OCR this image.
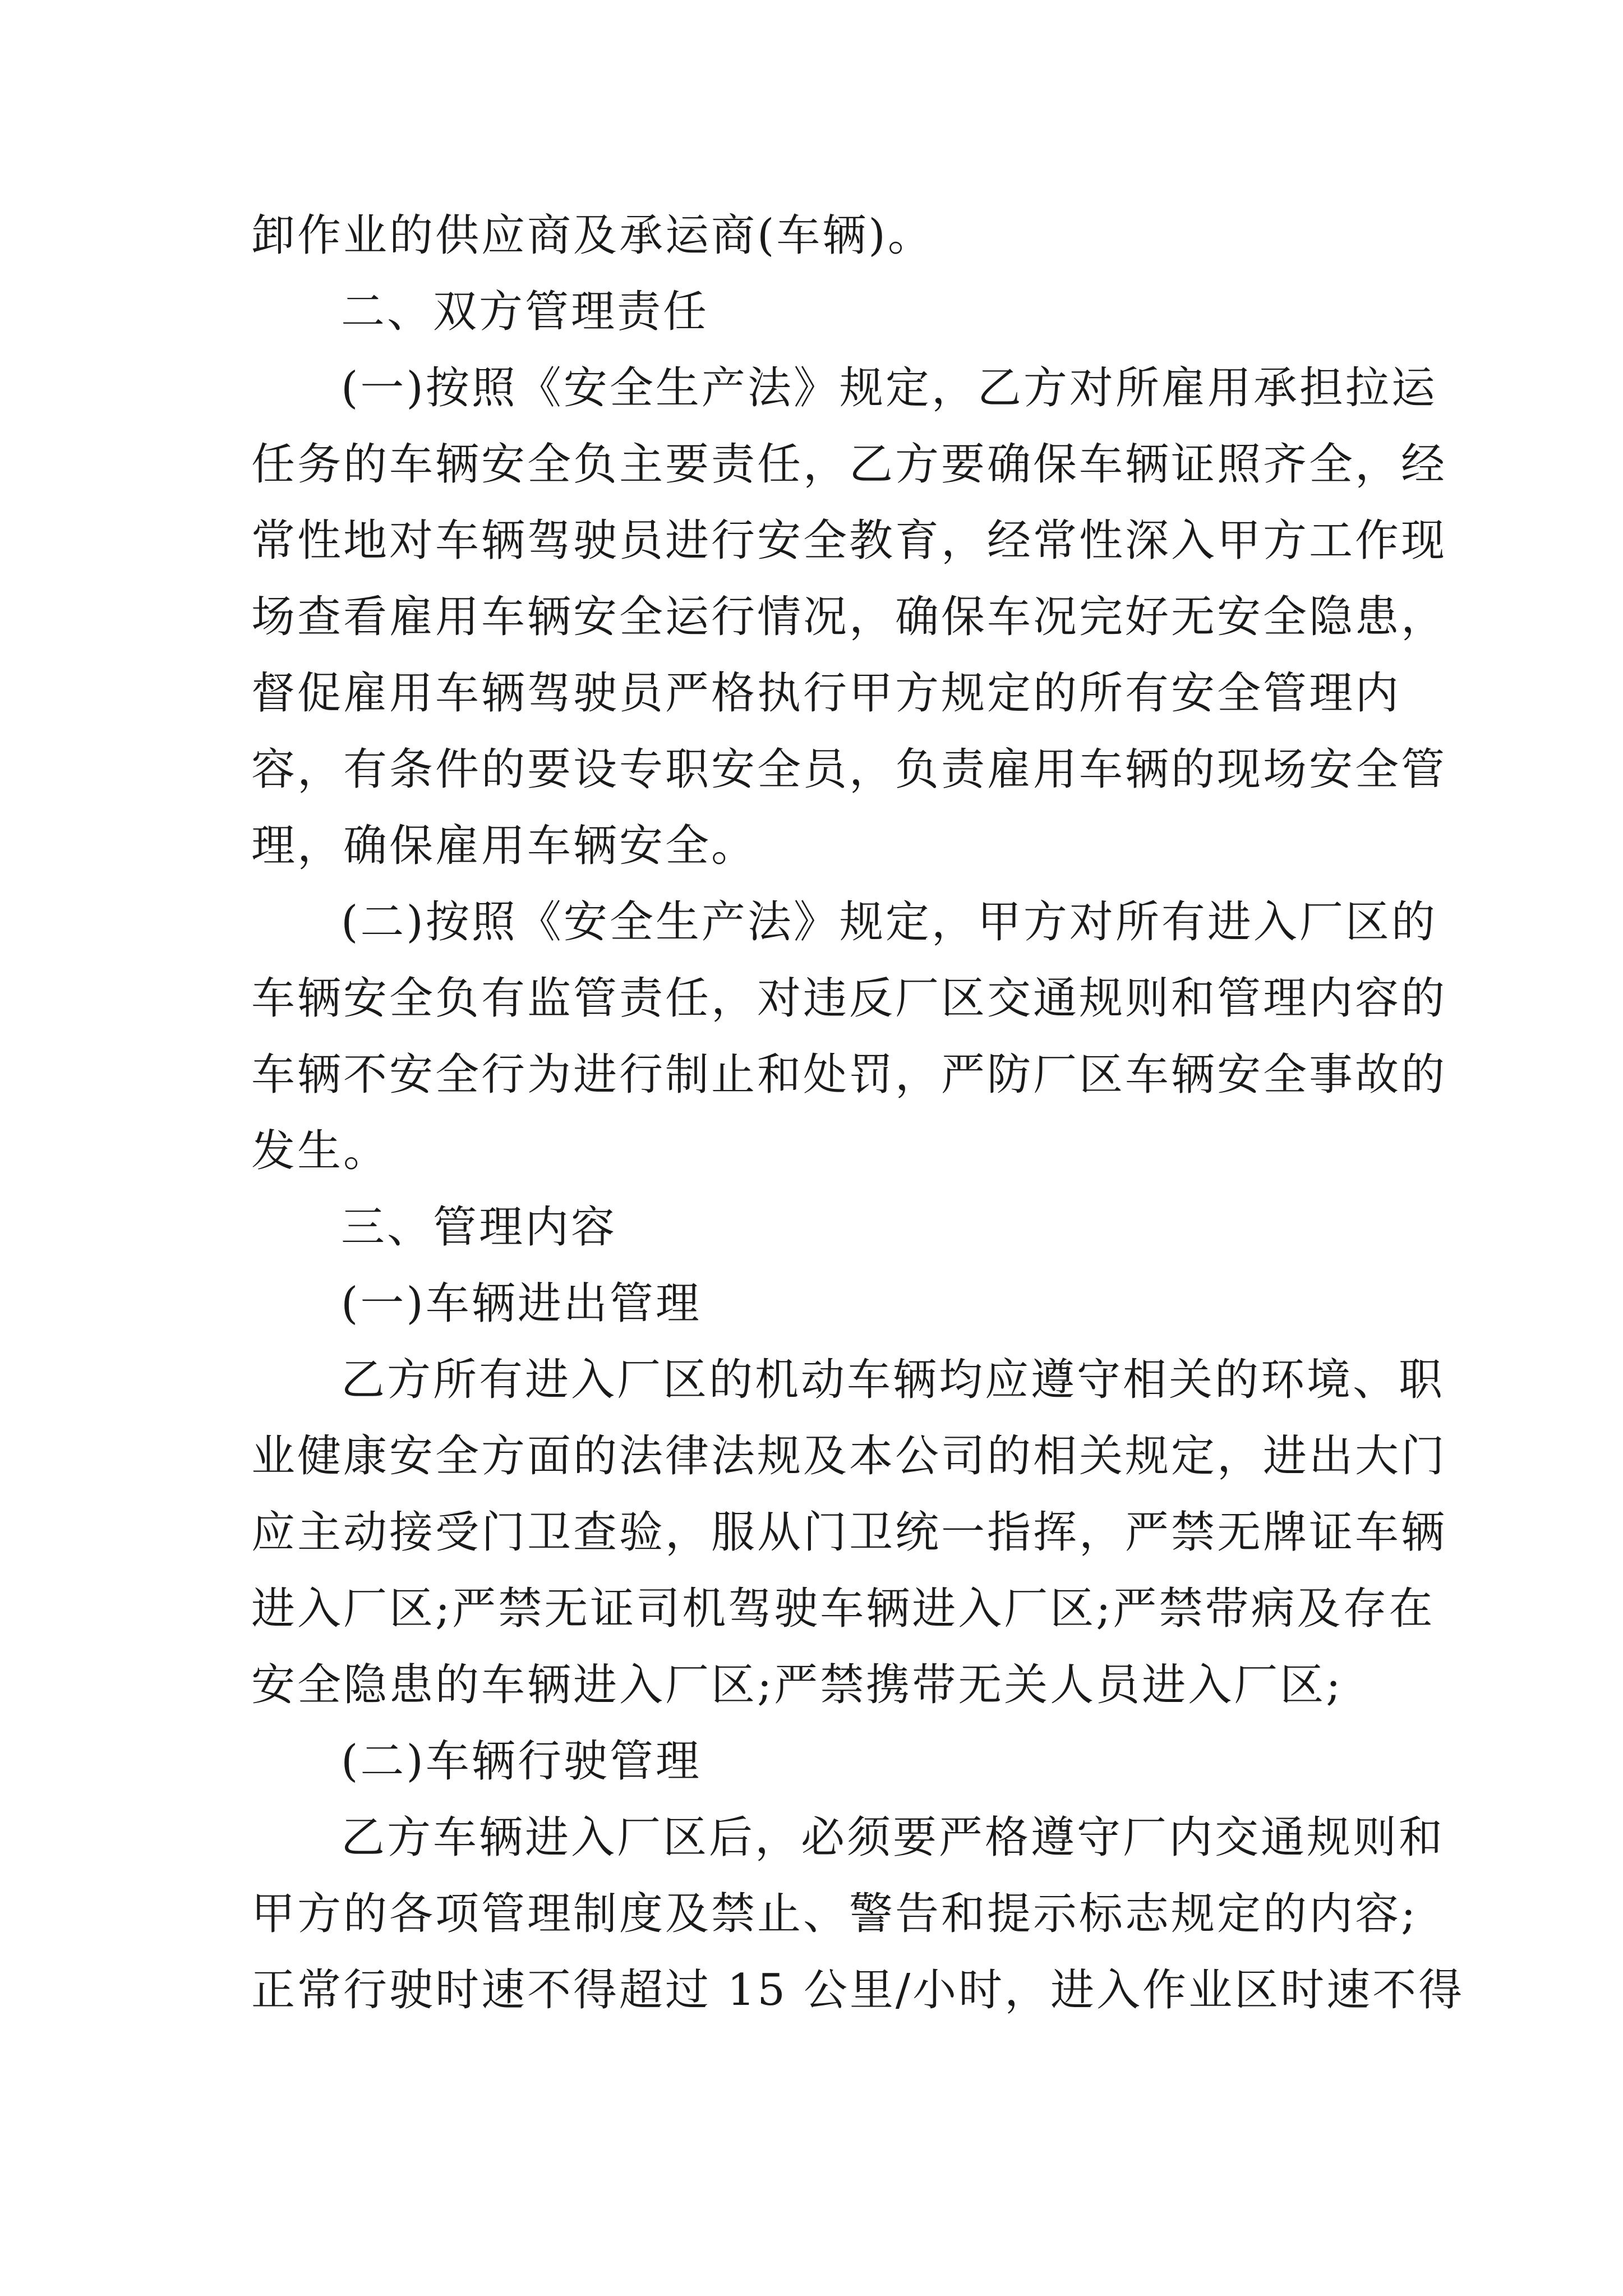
卸作业的供应商及承运商(车辆)。
二、双方管理责任
(一)按照《安全生产法》规定，乙方对所雇用承担拉运
任务的车辆安全负主要责任，乙方要确保车辆证照齐全，经
常性地对车辆驾驶员进行安全教育，经常性深入甲方工作现
场查看雇用车辆安全运行情况，确保车况完好无安全隐患，
督促雇用车辆驾驶员严格执行甲方规定的所有安全管理内
容，有条件的要设专职安全员，负责雇用车辆的现场安全管
理，确保雇用车辆安全。
(二)按照《安全生产法》规定，甲方对所有进入厂区的
车辆安全负有监管责任，对违反厂区交通规则和管理内容的
车辆不安全行为进行制止和处罚，严防厂区车辆安全事故的
发生。
三、管理内容
(一)车辆进出管理
乙方所有进入厂区的机动车辆均应遵守相关的环境、职
业健康安全方面的法律法规及本公司的相关规定，进出大门
应主动接受门卫查验，服从门卫统一指挥，严禁无牌证车辆
进入厂区;严禁无证司机驾驶车辆进入厂区;严禁带病及存在
安全隐患的车辆进入厂区;严禁携带无关人员进入厂区;
(二)车辆行驶管理
乙方车辆进入厂区后，必须要严格遵守厂内交通规则和
甲方的各项管理制度及禁止、警告和提示标志规定的内容;
正常行驶时速不得超过 15 公里/小时，进入作业区时速不得
